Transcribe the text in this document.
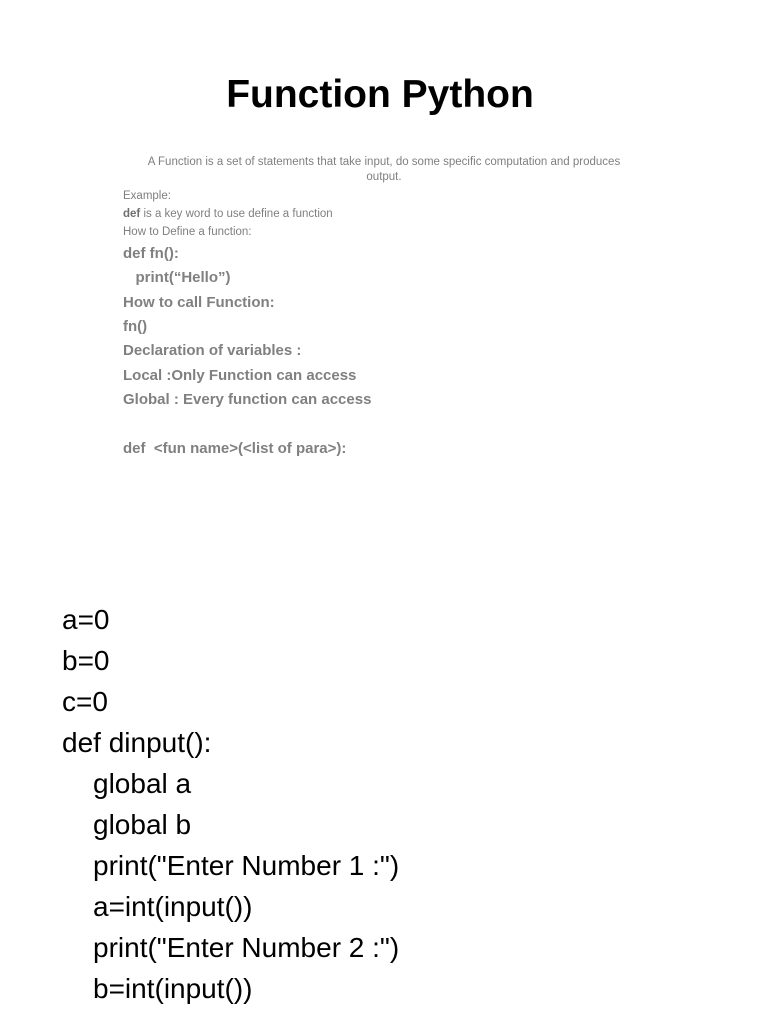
Function Python
A Function is a set of statements that take input, do some specific computation and produces output.
Example:
def is a key word to use define a function
How to Define a function:
def fn():
print(“Hello”)
How to call Function:
fn()
Declaration of variables :
Local :Only Function can access
Global : Every function can access
def  <fun name>(<list of para>):
a=0
b=0
c=0
def dinput():
global a
global b
print("Enter Number 1 :")
a=int(input())
print("Enter Number 2 :")
b=int(input())
